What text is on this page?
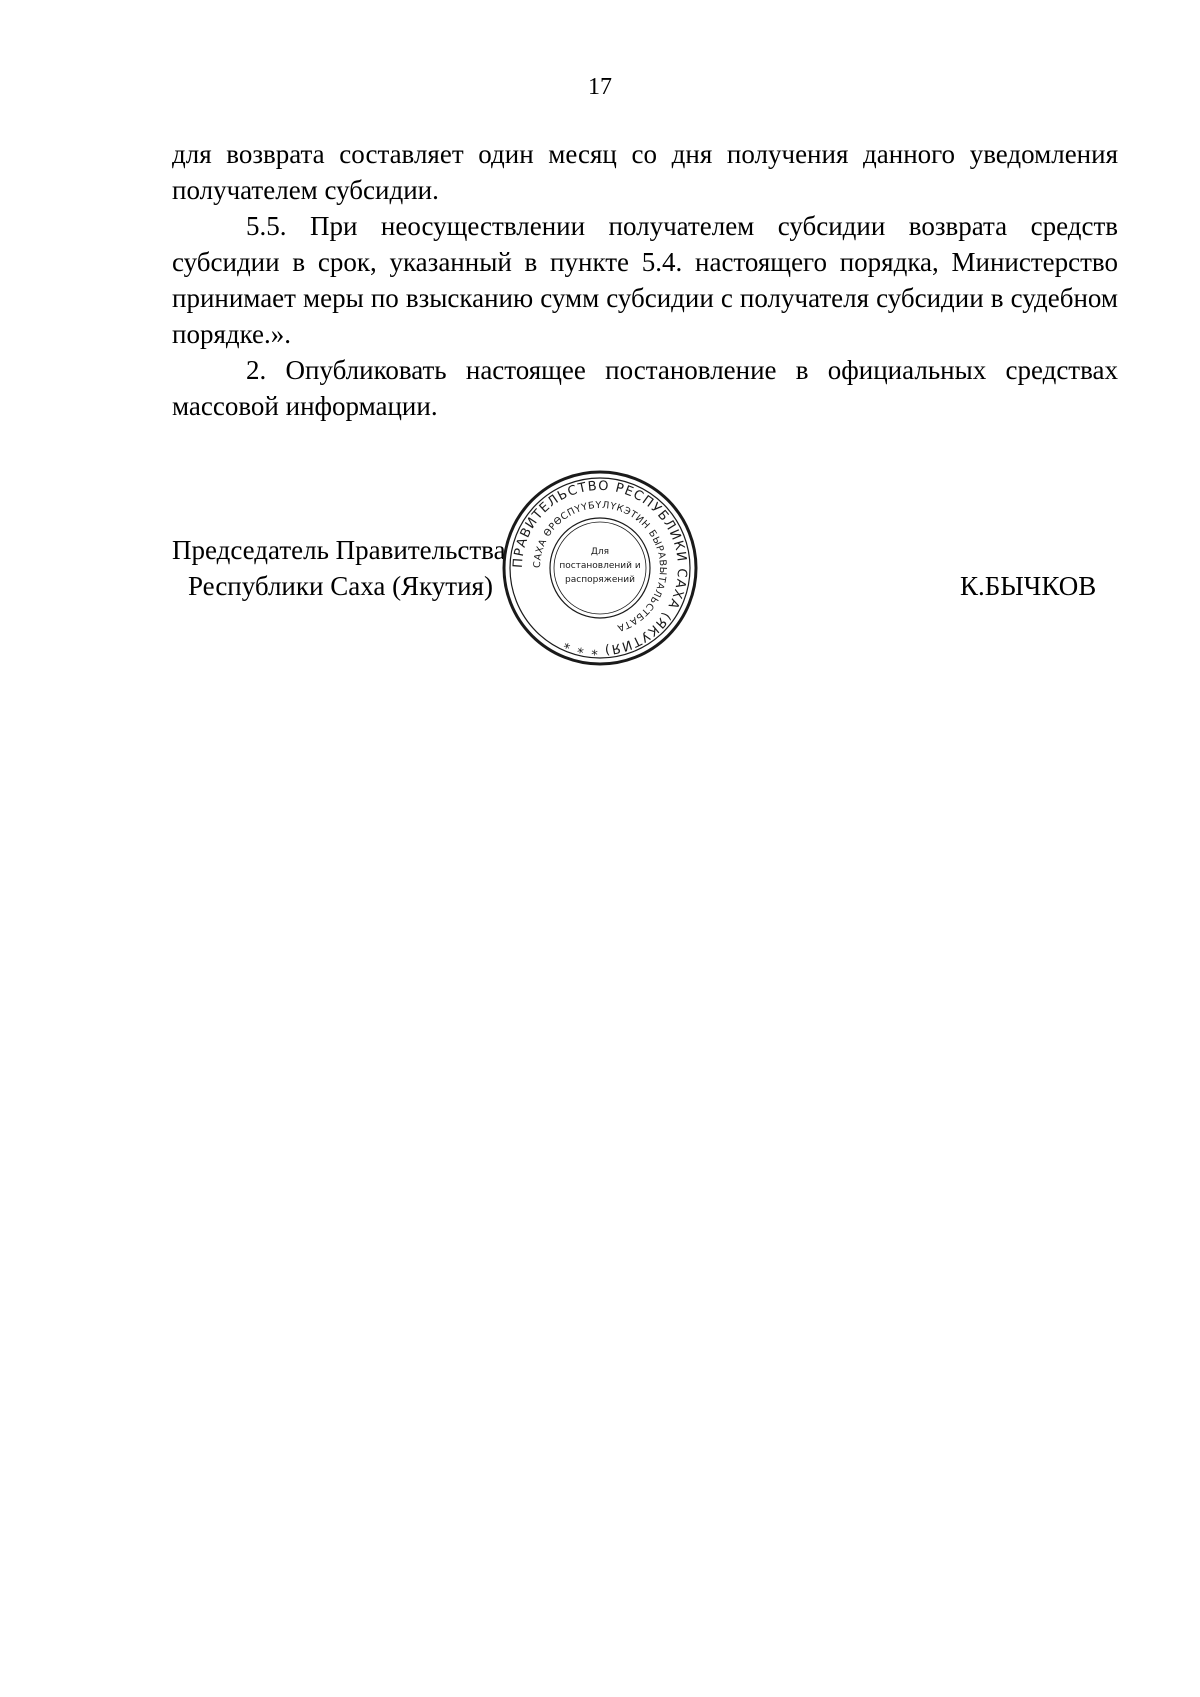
17

для возврата составляет один месяц со дня получения данного уведомления получателем субсидии.

5.5. При неосуществлении получателем субсидии возврата средств субсидии в срок, указанный в пункте 5.4. настоящего порядка, Министерство принимает меры по взысканию сумм субсидии с получателя субсидии в судебном порядке.».

2. Опубликовать настоящее постановление в официальных средствах массовой информации.

Председатель Правительства
Республики Саха (Якутия)	К.БЫЧКОВ
ПРАВИТЕЛЬСТВО РЕСПУБЛИКИ САХА (ЯКУТИЯ) * * *
САХА ӨРӨСПҮҮБҮЛҮКЭТИН БЫРАВЫТАЛЬСТБАТА
Для
постановлений и
распоряжений
